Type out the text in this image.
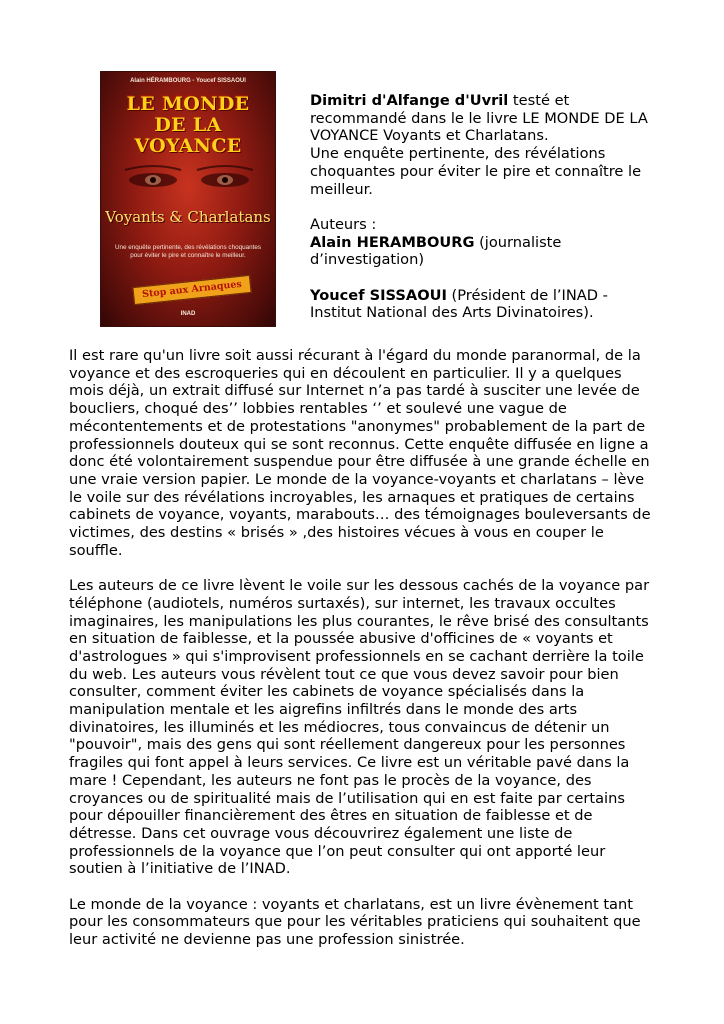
Alain HÉRAMBOURG - Youcef SISSAOUI
LE MONDE
DE LA VOYANCE
Voyants & Charlatans
Une enquête pertinente, des révélations choquantes pour éviter le pire et connaître le meilleur.
Stop aux Arnaques
INAD

Dimitri d'Alfange d'Uvril testé et recommandé dans le le livre LE MONDE DE LA VOYANCE Voyants et Charlatans.

Une enquête pertinente, des révélations choquantes pour éviter le pire et connaître le meilleur.

Auteurs :

Alain HERAMBOURG (journaliste d’investigation)

Youcef SISSAOUI (Président de l’INAD - Institut National des Arts Divinatoires).

Il est rare qu'un livre soit aussi récurant à l'égard du monde paranormal, de la voyance et des escroqueries qui en découlent en particulier. Il y a quelques mois déjà, un extrait diffusé sur Internet n’a pas tardé à susciter une levée de boucliers, choqué des’’ lobbies rentables ‘’ et soulevé une vague de mécontentements et de protestations "anonymes" probablement de la part de professionnels douteux qui se sont reconnus. Cette enquête diffusée en ligne a donc été volontairement suspendue pour être diffusée à une grande échelle en une vraie version papier. Le monde de la voyance-voyants et charlatans – lève le voile sur des révélations incroyables, les arnaques et pratiques de certains cabinets de voyance, voyants, marabouts… des témoignages bouleversants de victimes, des destins « brisés » ,des histoires vécues à vous en couper le souffle.

Les auteurs de ce livre lèvent le voile sur les dessous cachés de la voyance par téléphone (audiotels, numéros surtaxés), sur internet, les travaux occultes imaginaires, les manipulations les plus courantes, le rêve brisé des consultants en situation de faiblesse, et la poussée abusive d'officines de « voyants et d'astrologues » qui s'improvisent professionnels en se cachant derrière la toile du web. Les auteurs vous révèlent tout ce que vous devez savoir pour bien consulter, comment éviter les cabinets de voyance spécialisés dans la manipulation mentale et les aigrefins infiltrés dans le monde des arts divinatoires, les illuminés et les médiocres, tous convaincus de détenir un "pouvoir", mais des gens qui sont réellement dangereux pour les personnes fragiles qui font appel à leurs services. Ce livre est un véritable pavé dans la mare ! Cependant, les auteurs ne font pas le procès de la voyance, des croyances ou de spiritualité mais de l’utilisation qui en est faite par certains pour dépouiller financièrement des êtres en situation de faiblesse et de détresse. Dans cet ouvrage vous découvrirez également une liste de professionnels de la voyance que l’on peut consulter qui ont apporté leur soutien à l’initiative de l’INAD.

Le monde de la voyance : voyants et charlatans, est un livre évènement tant pour les consommateurs que pour les véritables praticiens qui souhaitent que leur activité ne devienne pas une profession sinistrée.
